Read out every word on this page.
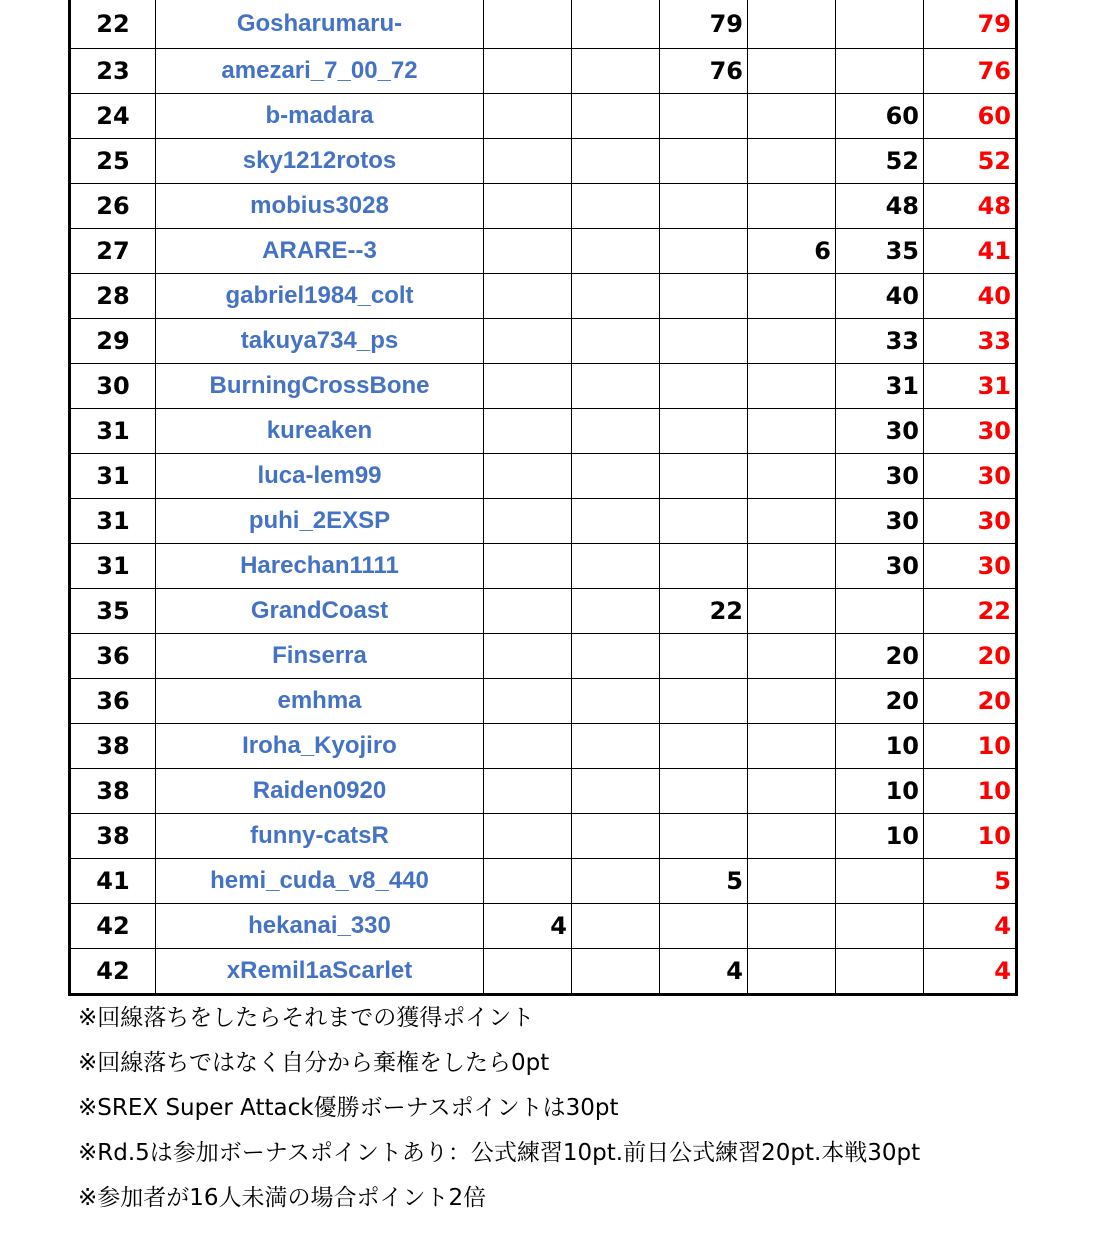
22	Gosharumaru-			79			79
23	amezari_7_00_72			76			76
24	b-madara					60	60
25	sky1212rotos					52	52
26	mobius3028					48	48
27	ARARE--3				6	35	41
28	gabriel1984_colt					40	40
29	takuya734_ps					33	33
30	BurningCrossBone					31	31
31	kureaken					30	30
31	luca-lem99					30	30
31	puhi_2EXSP					30	30
31	Harechan1111					30	30
35	GrandCoast			22			22
36	Finserra					20	20
36	emhma					20	20
38	Iroha_Kyojiro					10	10
38	Raiden0920					10	10
38	funny-catsR					10	10
41	hemi_cuda_v8_440			5			5
42	hekanai_330	4					4
42	xRemil1aScarlet			4			4
※回線落ちをしたらそれまでの獲得ポイント
※回線落ちではなく自分から棄権をしたら0pt
※SREX Super Attack優勝ボーナスポイントは30pt
※Rd.5は参加ボーナスポイントあり：公式練習10pt.前日公式練習20pt.本戦30pt
※参加者が16人未満の場合ポイント2倍
